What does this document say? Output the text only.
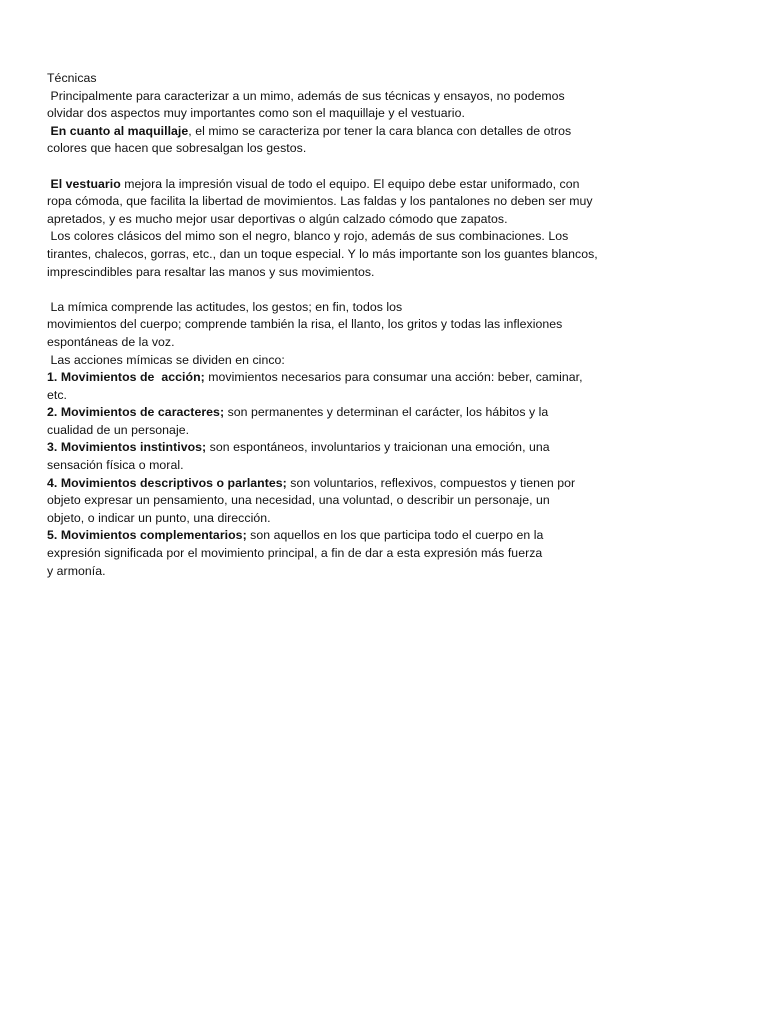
Técnicas
Principalmente para caracterizar a un mimo, además de sus técnicas y ensayos, no podemos
olvidar dos aspectos muy importantes como son el maquillaje y el vestuario.
En cuanto al maquillaje, el mimo se caracteriza por tener la cara blanca con detalles de otros
colores que hacen que sobresalgan los gestos.
El vestuario mejora la impresión visual de todo el equipo. El equipo debe estar uniformado, con
ropa cómoda, que facilita la libertad de movimientos. Las faldas y los pantalones no deben ser muy
apretados, y es mucho mejor usar deportivas o algún calzado cómodo que zapatos.
Los colores clásicos del mimo son el negro, blanco y rojo, además de sus combinaciones. Los
tirantes, chalecos, gorras, etc., dan un toque especial. Y lo más importante son los guantes blancos,
imprescindibles para resaltar las manos y sus movimientos.
La mímica comprende las actitudes, los gestos; en fin, todos los
movimientos del cuerpo; comprende también la risa, el llanto, los gritos y todas las inflexiones
espontáneas de la voz.
Las acciones mímicas se dividen en cinco:
1. Movimientos de  acción; movimientos necesarios para consumar una acción: beber, caminar,
etc.
2. Movimientos de caracteres; son permanentes y determinan el carácter, los hábitos y la
cualidad de un personaje.
3. Movimientos instintivos; son espontáneos, involuntarios y traicionan una emoción, una
sensación física o moral.
4. Movimientos descriptivos o parlantes; son voluntarios, reflexivos, compuestos y tienen por
objeto expresar un pensamiento, una necesidad, una voluntad, o describir un personaje, un
objeto, o indicar un punto, una dirección.
5. Movimientos complementarios; son aquellos en los que participa todo el cuerpo en la
expresión significada por el movimiento principal, a fin de dar a esta expresión más fuerza
y armonía.
